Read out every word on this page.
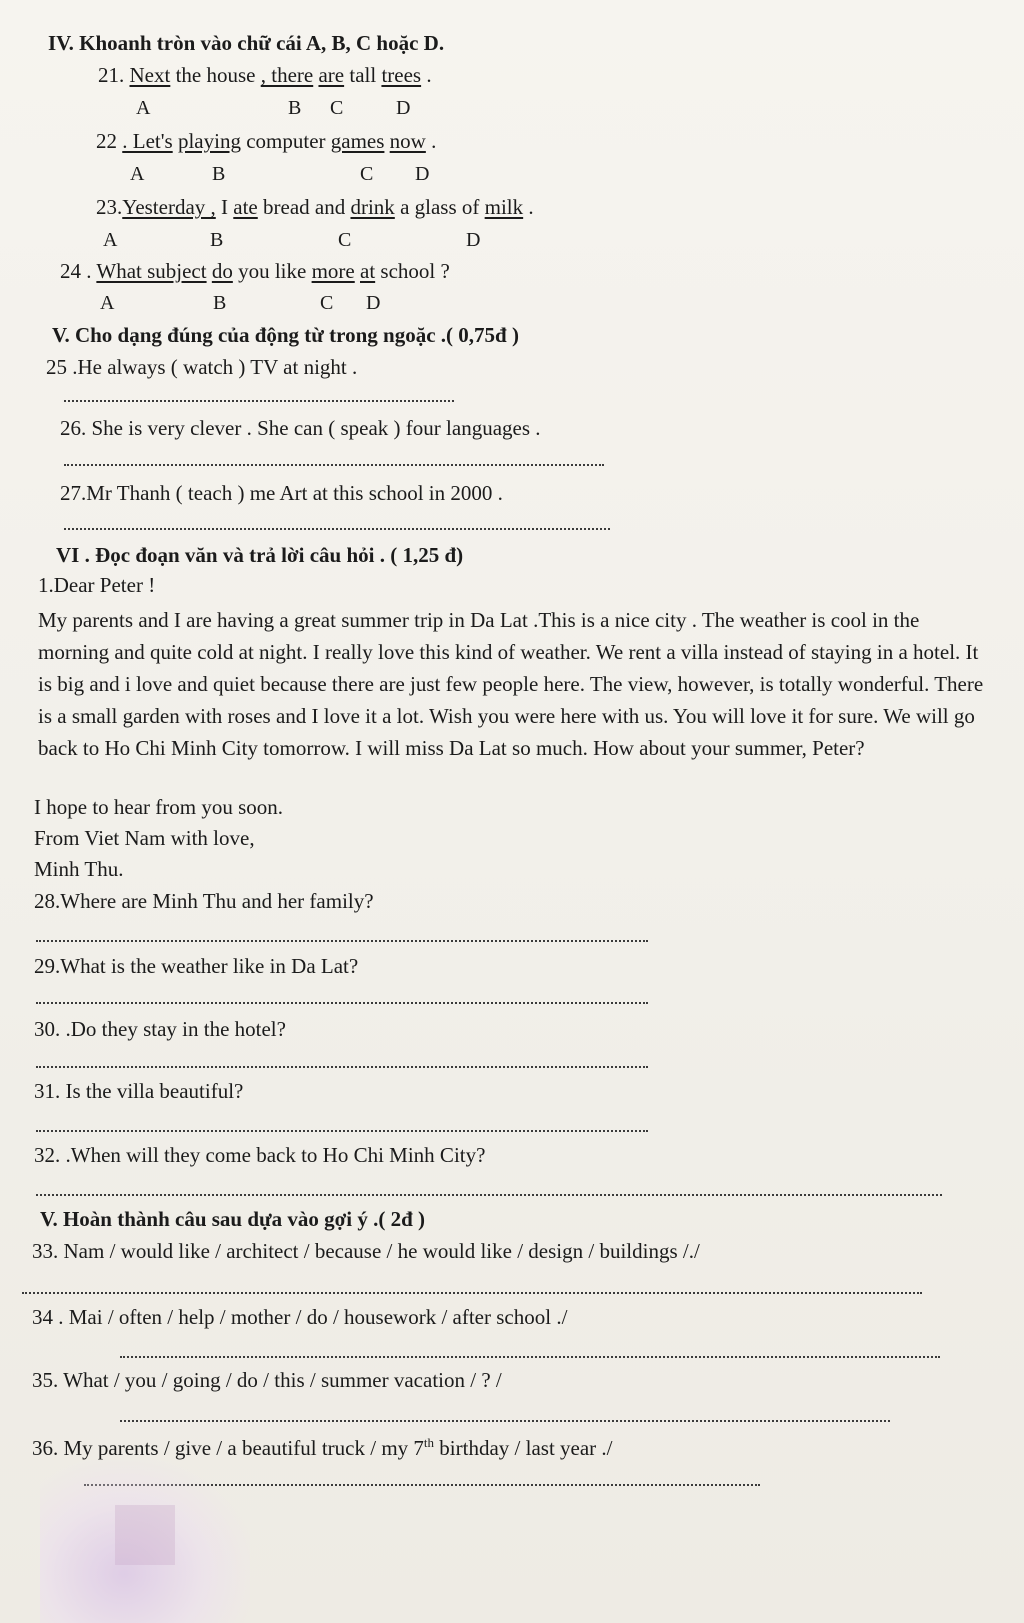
IV. Khoanh tròn vào chữ cái A, B, C hoặc D.
21. Next the house , there are tall trees .
A	B C	D
22 . Let's playing computer games now .
A	B	C D
23.Yesterday , I ate bread and drink a glass of milk .
A	B	C	D
24 . What subject do you like more at school ?
A	B	C D
V. Cho dạng đúng của động từ trong ngoặc .( 0,75đ )
25 .He always ( watch ) TV at night .
26. She is very clever . She can ( speak ) four languages .
27.Mr Thanh ( teach ) me Art at this school in 2000 .
VI . Đọc đoạn văn và trả lời câu hỏi . ( 1,25 đ)
1.Dear Peter !
My parents and I are having a great summer trip in Da Lat .This is a nice city . The weather is cool in the morning and quite cold at night. I really love this kind of weather. We rent a villa instead of staying in a hotel. It is big and i love and quiet because there are just few people here. The view, however, is totally wonderful. There is a small garden with roses and I love it a lot. Wish you were here with us. You will love it for sure. We will go back to Ho Chi Minh City tomorrow. I will miss Da Lat so much. How about your summer, Peter?
I hope to hear from you soon.
From Viet Nam with love,
Minh Thu.
28.Where are Minh Thu and her family?
29.What is the weather like in Da Lat?
30. .Do they stay in the hotel?
31. Is the villa beautiful?
32. .When will they come back to Ho Chi Minh City?
V. Hoàn thành câu sau dựa vào gợi ý .( 2đ )
33. Nam / would like / architect / because / he would like / design / buildings /./
34 . Mai / often / help / mother / do / housework / after school ./
35. What / you / going / do / this / summer vacation / ? /
36. My parents / give / a beautiful truck / my 7th birthday / last year ./
